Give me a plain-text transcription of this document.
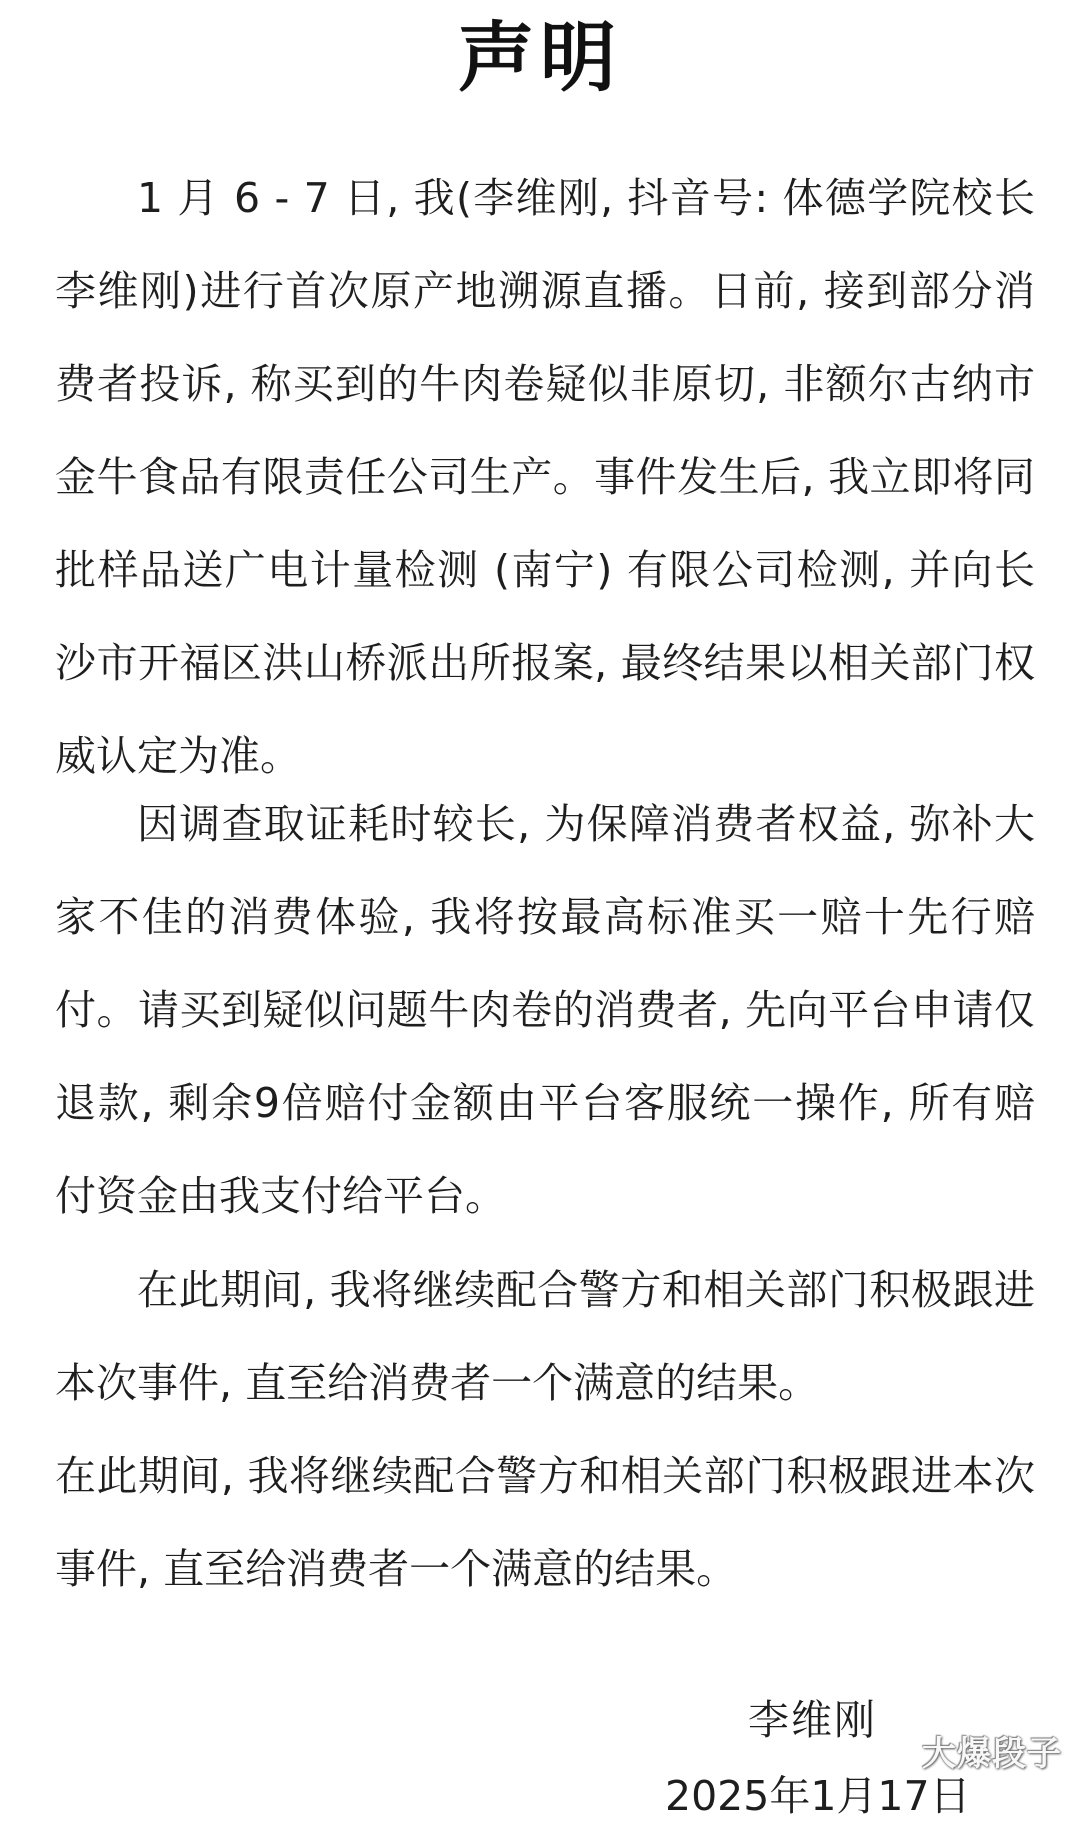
声明

1 月 6 - 7 日, 我(李维刚, 抖音号: 体德学院校长李维刚)进行首次原产地溯源直播。日前, 接到部分消费者投诉, 称买到的牛肉卷疑似非原切, 非额尔古纳市金牛食品有限责任公司生产。事件发生后, 我立即将同批样品送广电计量检测 (南宁) 有限公司检测, 并向长沙市开福区洪山桥派出所报案, 最终结果以相关部门权威认定为准。

因调查取证耗时较长, 为保障消费者权益, 弥补大家不佳的消费体验, 我将按最高标准买一赔十先行赔付。请买到疑似问题牛肉卷的消费者, 先向平台申请仅退款, 剩余9倍赔付金额由平台客服统一操作, 所有赔付资金由我支付给平台。

在此期间, 我将继续配合警方和相关部门积极跟进本次事件, 直至给消费者一个满意的结果。

在此期间, 我将继续配合警方和相关部门积极跟进本次事件, 直至给消费者一个满意的结果。

李维刚
2025年1月17日
大爆段子
